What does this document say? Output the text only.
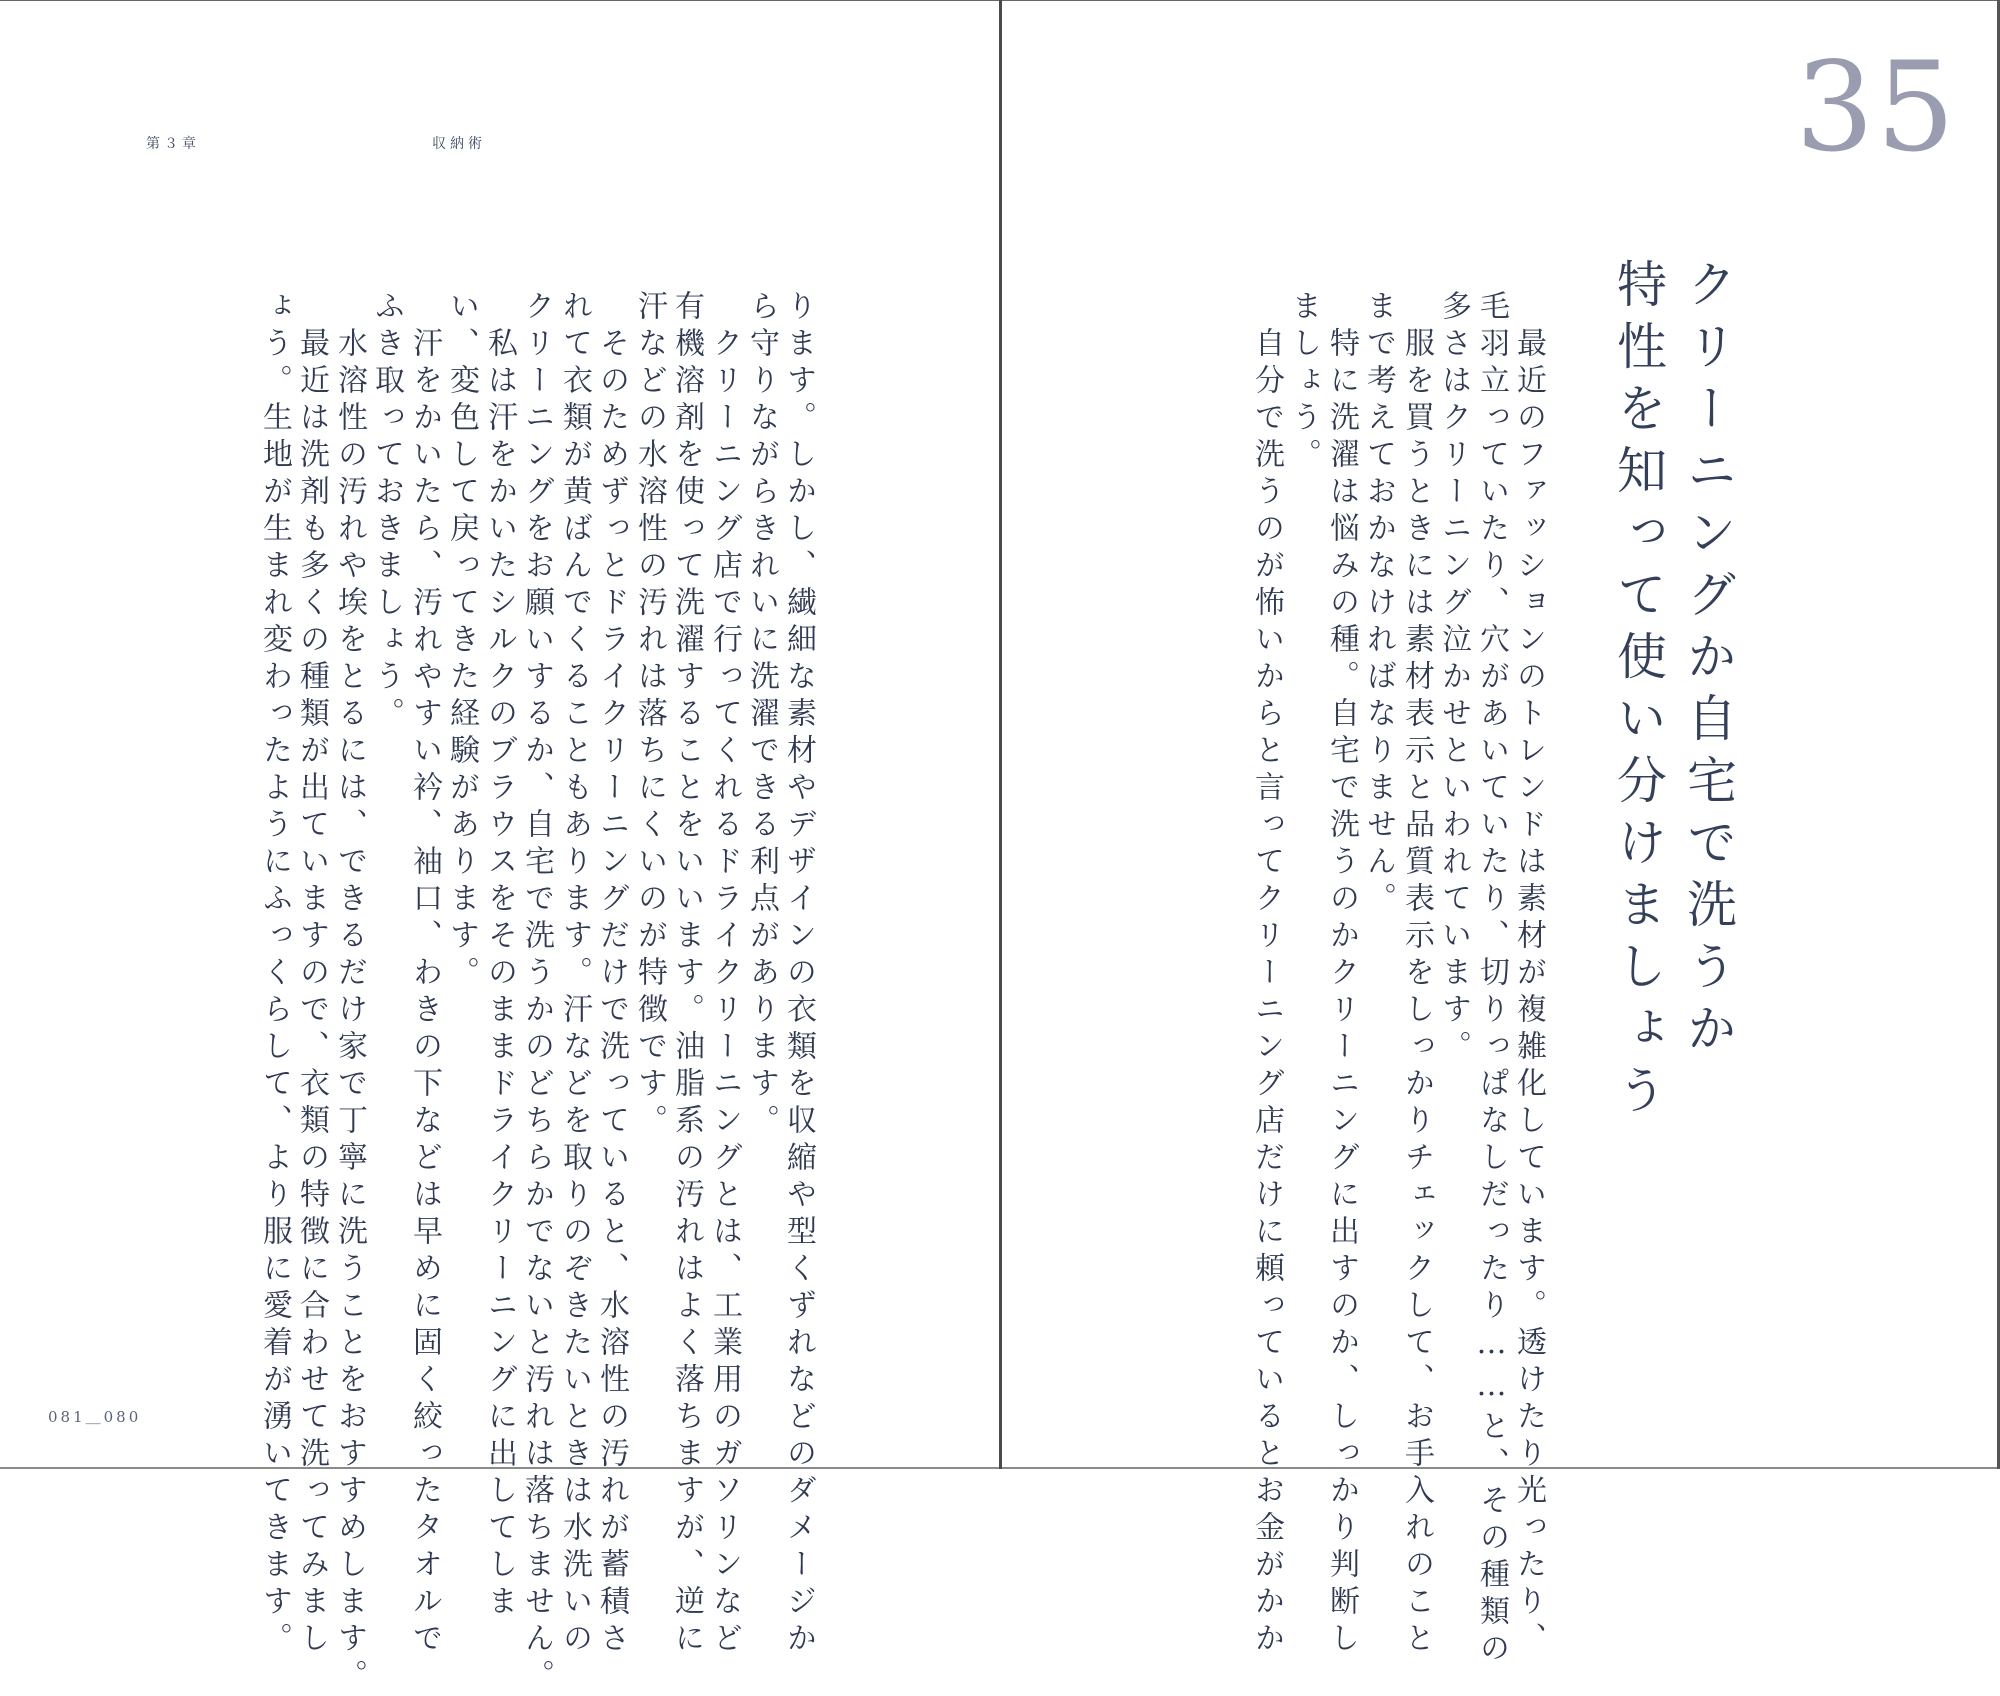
第３章	収納術
ります。しかし、繊細な素材やデザインの衣類を収縮や型くずれなどのダメージか
ら守りながらきれいに洗濯できる利点があります。
　クリーニング店で行ってくれるドライクリーニングとは、工業用のガソリンなど
有機溶剤を使って洗濯することをいいます。油脂系の汚れはよく落ちますが、逆に
汗などの水溶性の汚れは落ちにくいのが特徴です。
　そのためずっとドライクリーニングだけで洗っていると、水溶性の汚れが蓄積さ
れて衣類が黄ばんでくることもあります。汗などを取りのぞきたいときは水洗いの
クリーニングをお願いするか、自宅で洗うかのどちらかでないと汚れは落ちません。
　私は汗をかいたシルクのブラウスをそのままドライクリーニングに出してしま
い、変色して戻ってきた経験があります。
　汗をかいたら、汚れやすい衿、袖口、わきの下などは早めに固く絞ったタオルで
ふき取っておきましょう。
　水溶性の汚れや埃をとるには、できるだけ家で丁寧に洗うことをおすすめします。
　最近は洗剤も多くの種類が出ていますので、衣類の特徴に合わせて洗ってみまし
ょう。生地が生まれ変わったようにふっくらして、より服に愛着が湧いてきます。
081＿080
35
クリーニングか自宅で洗うか
特性を知って使い分けましょう
　最近のファッションのトレンドは素材が複雑化しています。透けたり光ったり、
毛羽立っていたり、穴があいていたり、切りっぱなしだったり……と、その種類の
多さはクリーニング泣かせといわれています。
　服を買うときには素材表示と品質表示をしっかりチェックして、お手入れのこと
まで考えておかなければなりません。
　特に洗濯は悩みの種。自宅で洗うのかクリーニングに出すのか、しっかり判断し
ましょう。
　自分で洗うのが怖いからと言ってクリーニング店だけに頼っているとお金がかか
